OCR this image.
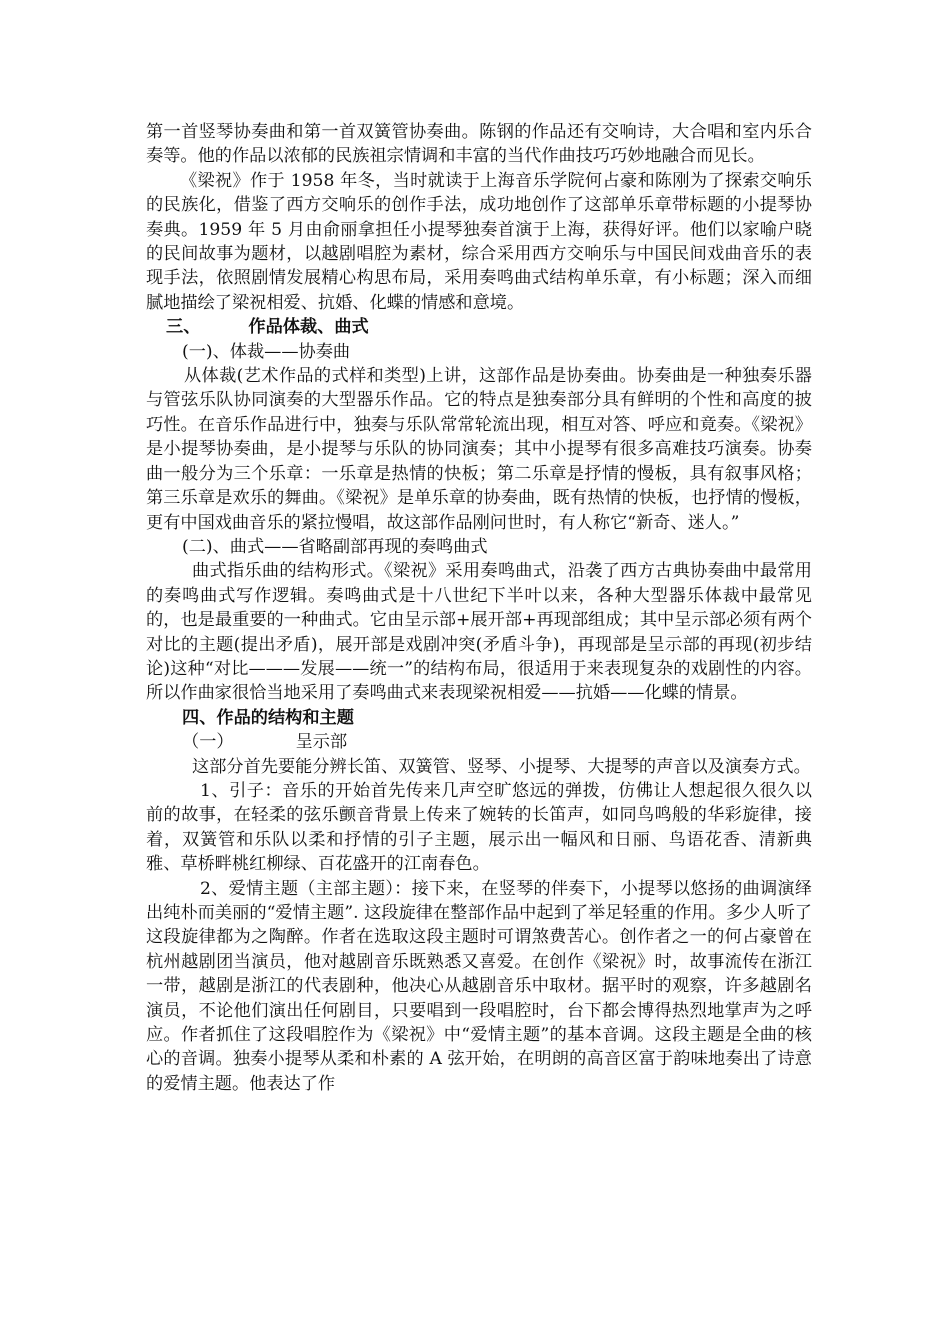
第一首竖琴协奏曲和第一首双簧管协奏曲。陈钢的作品还有交响诗，大合唱和室内乐合奏等。他的作品以浓郁的民族祖宗情调和丰富的当代作曲技巧巧妙地融合而见长。

《梁祝》作于 1958 年冬，当时就读于上海音乐学院何占豪和陈刚为了探索交响乐的民族化，借鉴了西方交响乐的创作手法，成功地创作了这部单乐章带标题的小提琴协奏典。1959 年 5 月由俞丽拿担任小提琴独奏首演于上海，获得好评。他们以家喻户晓的民间故事为题材，以越剧唱腔为素材，综合采用西方交响乐与中国民间戏曲音乐的表现手法，依照剧情发展精心构思布局，采用奏鸣曲式结构单乐章，有小标题；深入而细腻地描绘了梁祝相爱、抗婚、化蝶的情感和意境。

三、	作品体裁、曲式

(一)、体裁——协奏曲

从体裁(艺术作品的式样和类型)上讲，这部作品是协奏曲。协奏曲是一种独奏乐器与管弦乐队协同演奏的大型器乐作品。它的特点是独奏部分具有鲜明的个性和高度的披巧性。在音乐作品进行中，独奏与乐队常常轮流出现，相互对答、呼应和竟奏。《梁祝》是小提琴协奏曲，是小提琴与乐队的协同演奏；其中小提琴有很多高难技巧演奏。协奏曲一般分为三个乐章：一乐章是热情的快板；第二乐章是抒情的慢板，具有叙事风格；第三乐章是欢乐的舞曲。《梁祝》是单乐章的协奏曲，既有热情的快板，也抒情的慢板，更有中国戏曲音乐的紧拉慢唱，故这部作品刚问世时，有人称它“新奇、迷人。”

(二)、曲式——省略副部再现的奏鸣曲式

曲式指乐曲的结构形式。《梁祝》采用奏鸣曲式，沿袭了西方古典协奏曲中最常用的奏鸣曲式写作逻辑。奏鸣曲式是十八世纪下半叶以来，各种大型器乐体裁中最常见的，也是最重要的一种曲式。它由呈示部+展开部+再现部组成；其中呈示部必须有两个对比的主题(提出矛盾)，展开部是戏剧冲突(矛盾斗争)，再现部是呈示部的再现(初步结论)这种“对比———发展——统一”的结构布局，很适用于来表现复杂的戏剧性的内容。所以作曲家很恰当地采用了奏鸣曲式来表现梁祝相爱——抗婚——化蝶的情景。

四、作品的结构和主题

（一）	呈示部

这部分首先要能分辨长笛、双簧管、竖琴、小提琴、大提琴的声音以及演奏方式。

1、引子：音乐的开始首先传来几声空旷悠远的弹拨，仿佛让人想起很久很久以前的故事，在轻柔的弦乐颤音背景上传来了婉转的长笛声，如同鸟鸣般的华彩旋律，接着，双簧管和乐队以柔和抒情的引子主题，展示出一幅风和日丽、鸟语花香、清新典雅、草桥畔桃红柳绿、百花盛开的江南春色。

2、爱情主题（主部主题）：接下来，在竖琴的伴奏下，小提琴以悠扬的曲调演绎出纯朴而美丽的“爱情主题”. 这段旋律在整部作品中起到了举足轻重的作用。多少人听了这段旋律都为之陶醉。作者在选取这段主题时可谓煞费苦心。创作者之一的何占豪曾在杭州越剧团当演员，他对越剧音乐既熟悉又喜爱。在创作《梁祝》时，故事流传在浙江一带，越剧是浙江的代表剧种，他决心从越剧音乐中取材。据平时的观察，许多越剧名演员，不论他们演出任何剧目，只要唱到一段唱腔时，台下都会博得热烈地掌声为之呼应。作者抓住了这段唱腔作为《梁祝》中“爱情主题”的基本音调。这段主题是全曲的核心的音调。独奏小提琴从柔和朴素的 A 弦开始，在明朗的高音区富于韵味地奏出了诗意的爱情主题。他表达了作
